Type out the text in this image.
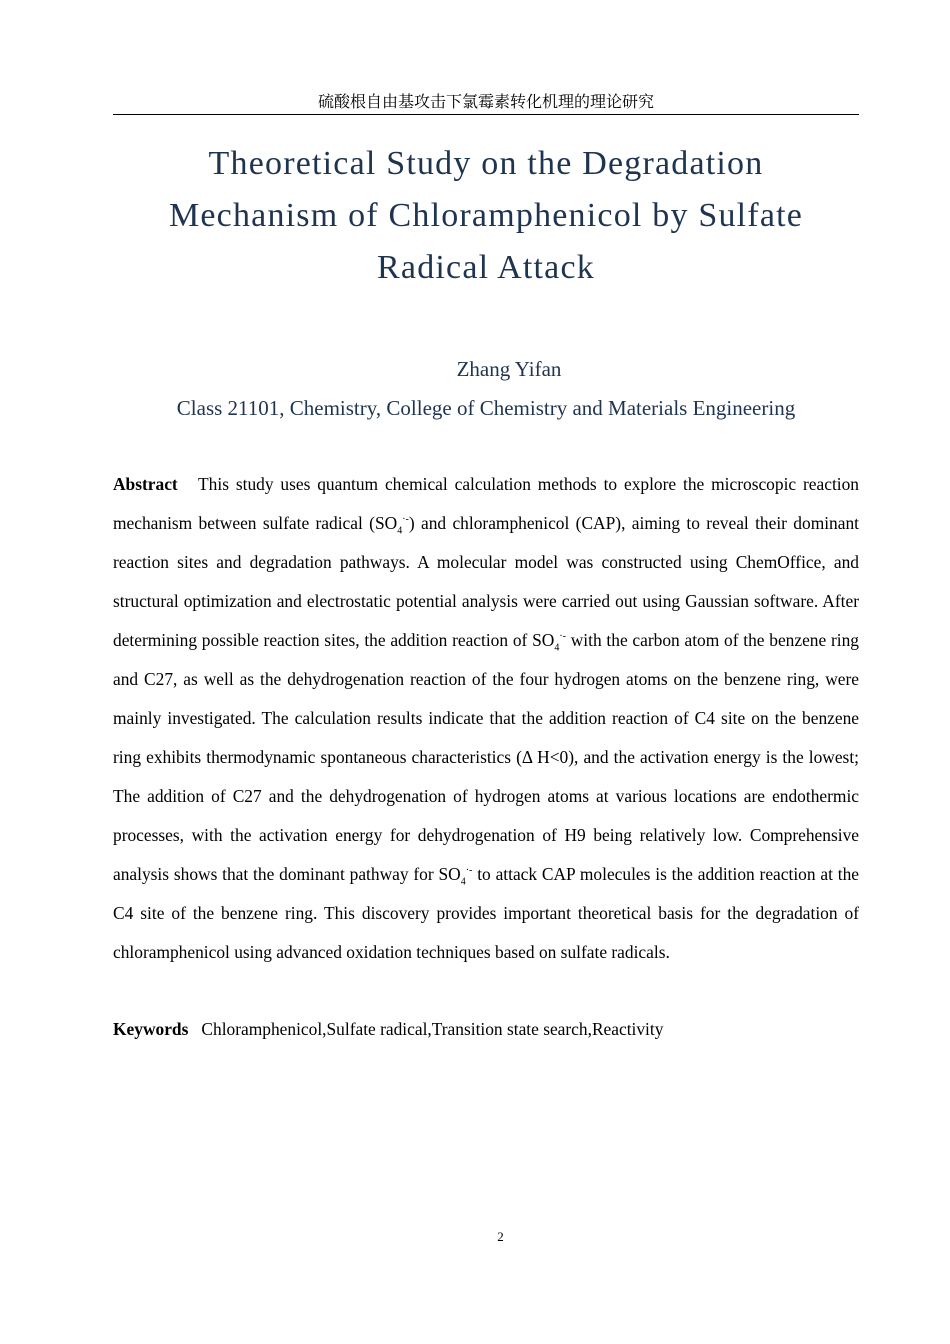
硫酸根自由基攻击下氯霉素转化机理的理论研究
Theoretical Study on the Degradation
Mechanism of Chloramphenicol by Sulfate
Radical Attack
Zhang Yifan
Class 21101, Chemistry, College of Chemistry and Materials Engineering

Abstract This study uses quantum chemical calculation methods to explore the microscopic reaction mechanism between sulfate radical $(SO_4^{\cdot-})$ and chloramphenicol (CAP), aiming to reveal their dominant reaction sites and degradation pathways. A molecular model was constructed using ChemOffice, and structural optimization and electrostatic potential analysis were carried out using Gaussian software. After determining possible reaction sites, the addition reaction of $SO_4^{\cdot-}$ with the carbon atom of the benzene ring and C27, as well as the dehydrogenation reaction of the four hydrogen atoms on the benzene ring, were mainly investigated. The calculation results indicate that the addition reaction of C4 site on the benzene ring exhibits thermodynamic spontaneous characteristics (Δ H<0), and the activation energy is the lowest; The addition of C27 and the dehydrogenation of hydrogen atoms at various locations are endothermic processes, with the activation energy for dehydrogenation of H9 being relatively low. Comprehensive analysis shows that the dominant pathway for $SO_4^{\cdot-}$ to attack CAP molecules is the addition reaction at the C4 site of the benzene ring. This discovery provides important theoretical basis for the degradation of chloramphenicol using advanced oxidation techniques based on sulfate radicals.

Keywords Chloramphenicol,Sulfate radical,Transition state search,Reactivity

2
